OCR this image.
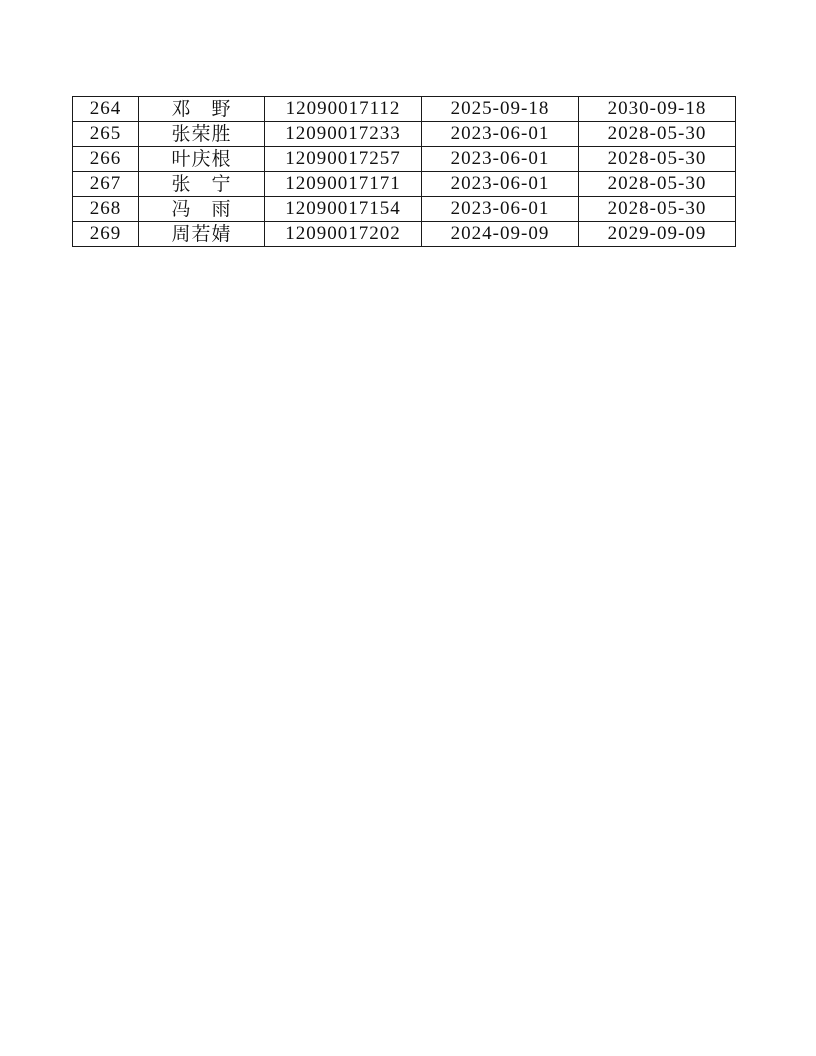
264	邓　野	12090017112	2025-09-18	2030-09-18
265	张荣胜	12090017233	2023-06-01	2028-05-30
266	叶庆根	12090017257	2023-06-01	2028-05-30
267	张　宁	12090017171	2023-06-01	2028-05-30
268	冯　雨	12090017154	2023-06-01	2028-05-30
269	周若婧	12090017202	2024-09-09	2029-09-09
